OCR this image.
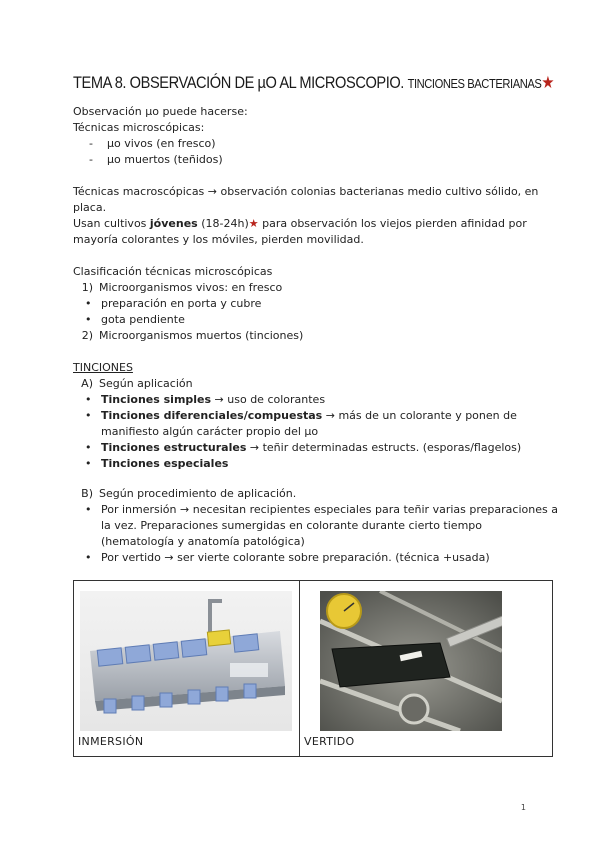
TEMA 8. OBSERVACIÓN DE µO AL MICROSCOPIO. TINCIONES BACTERIANAS★
Observación µo puede hacerse:
Técnicas microscópicas:
- µo vivos (en fresco)
- µo muertos (teñidos)
Técnicas macroscópicas → observación colonias bacterianas medio cultivo sólido, en placa.
Usan cultivos jóvenes (18-24h)★ para observación los viejos pierden afinidad por mayoría colorantes y los móviles, pierden movilidad.
Clasificación técnicas microscópicas
1) Microorganismos vivos: en fresco
• preparación en porta y cubre
• gota pendiente
2) Microorganismos muertos (tinciones)
TINCIONES
A) Según aplicación
• Tinciones simples → uso de colorantes
• Tinciones diferenciales/compuestas → más de un colorante y ponen de manifiesto algún carácter propio del µo
• Tinciones estructurales → teñir determinadas estructs. (esporas/flagelos)
• Tinciones especiales
B) Según procedimiento de aplicación.
• Por inmersión → necesitan recipientes especiales para teñir varias preparaciones a la vez. Preparaciones sumergidas en colorante durante cierto tiempo (hematología y anatomía patológica)
• Por vertido → ser vierte colorante sobre preparación. (técnica +usada)
INMERSIÓN	VERTIDO
1
